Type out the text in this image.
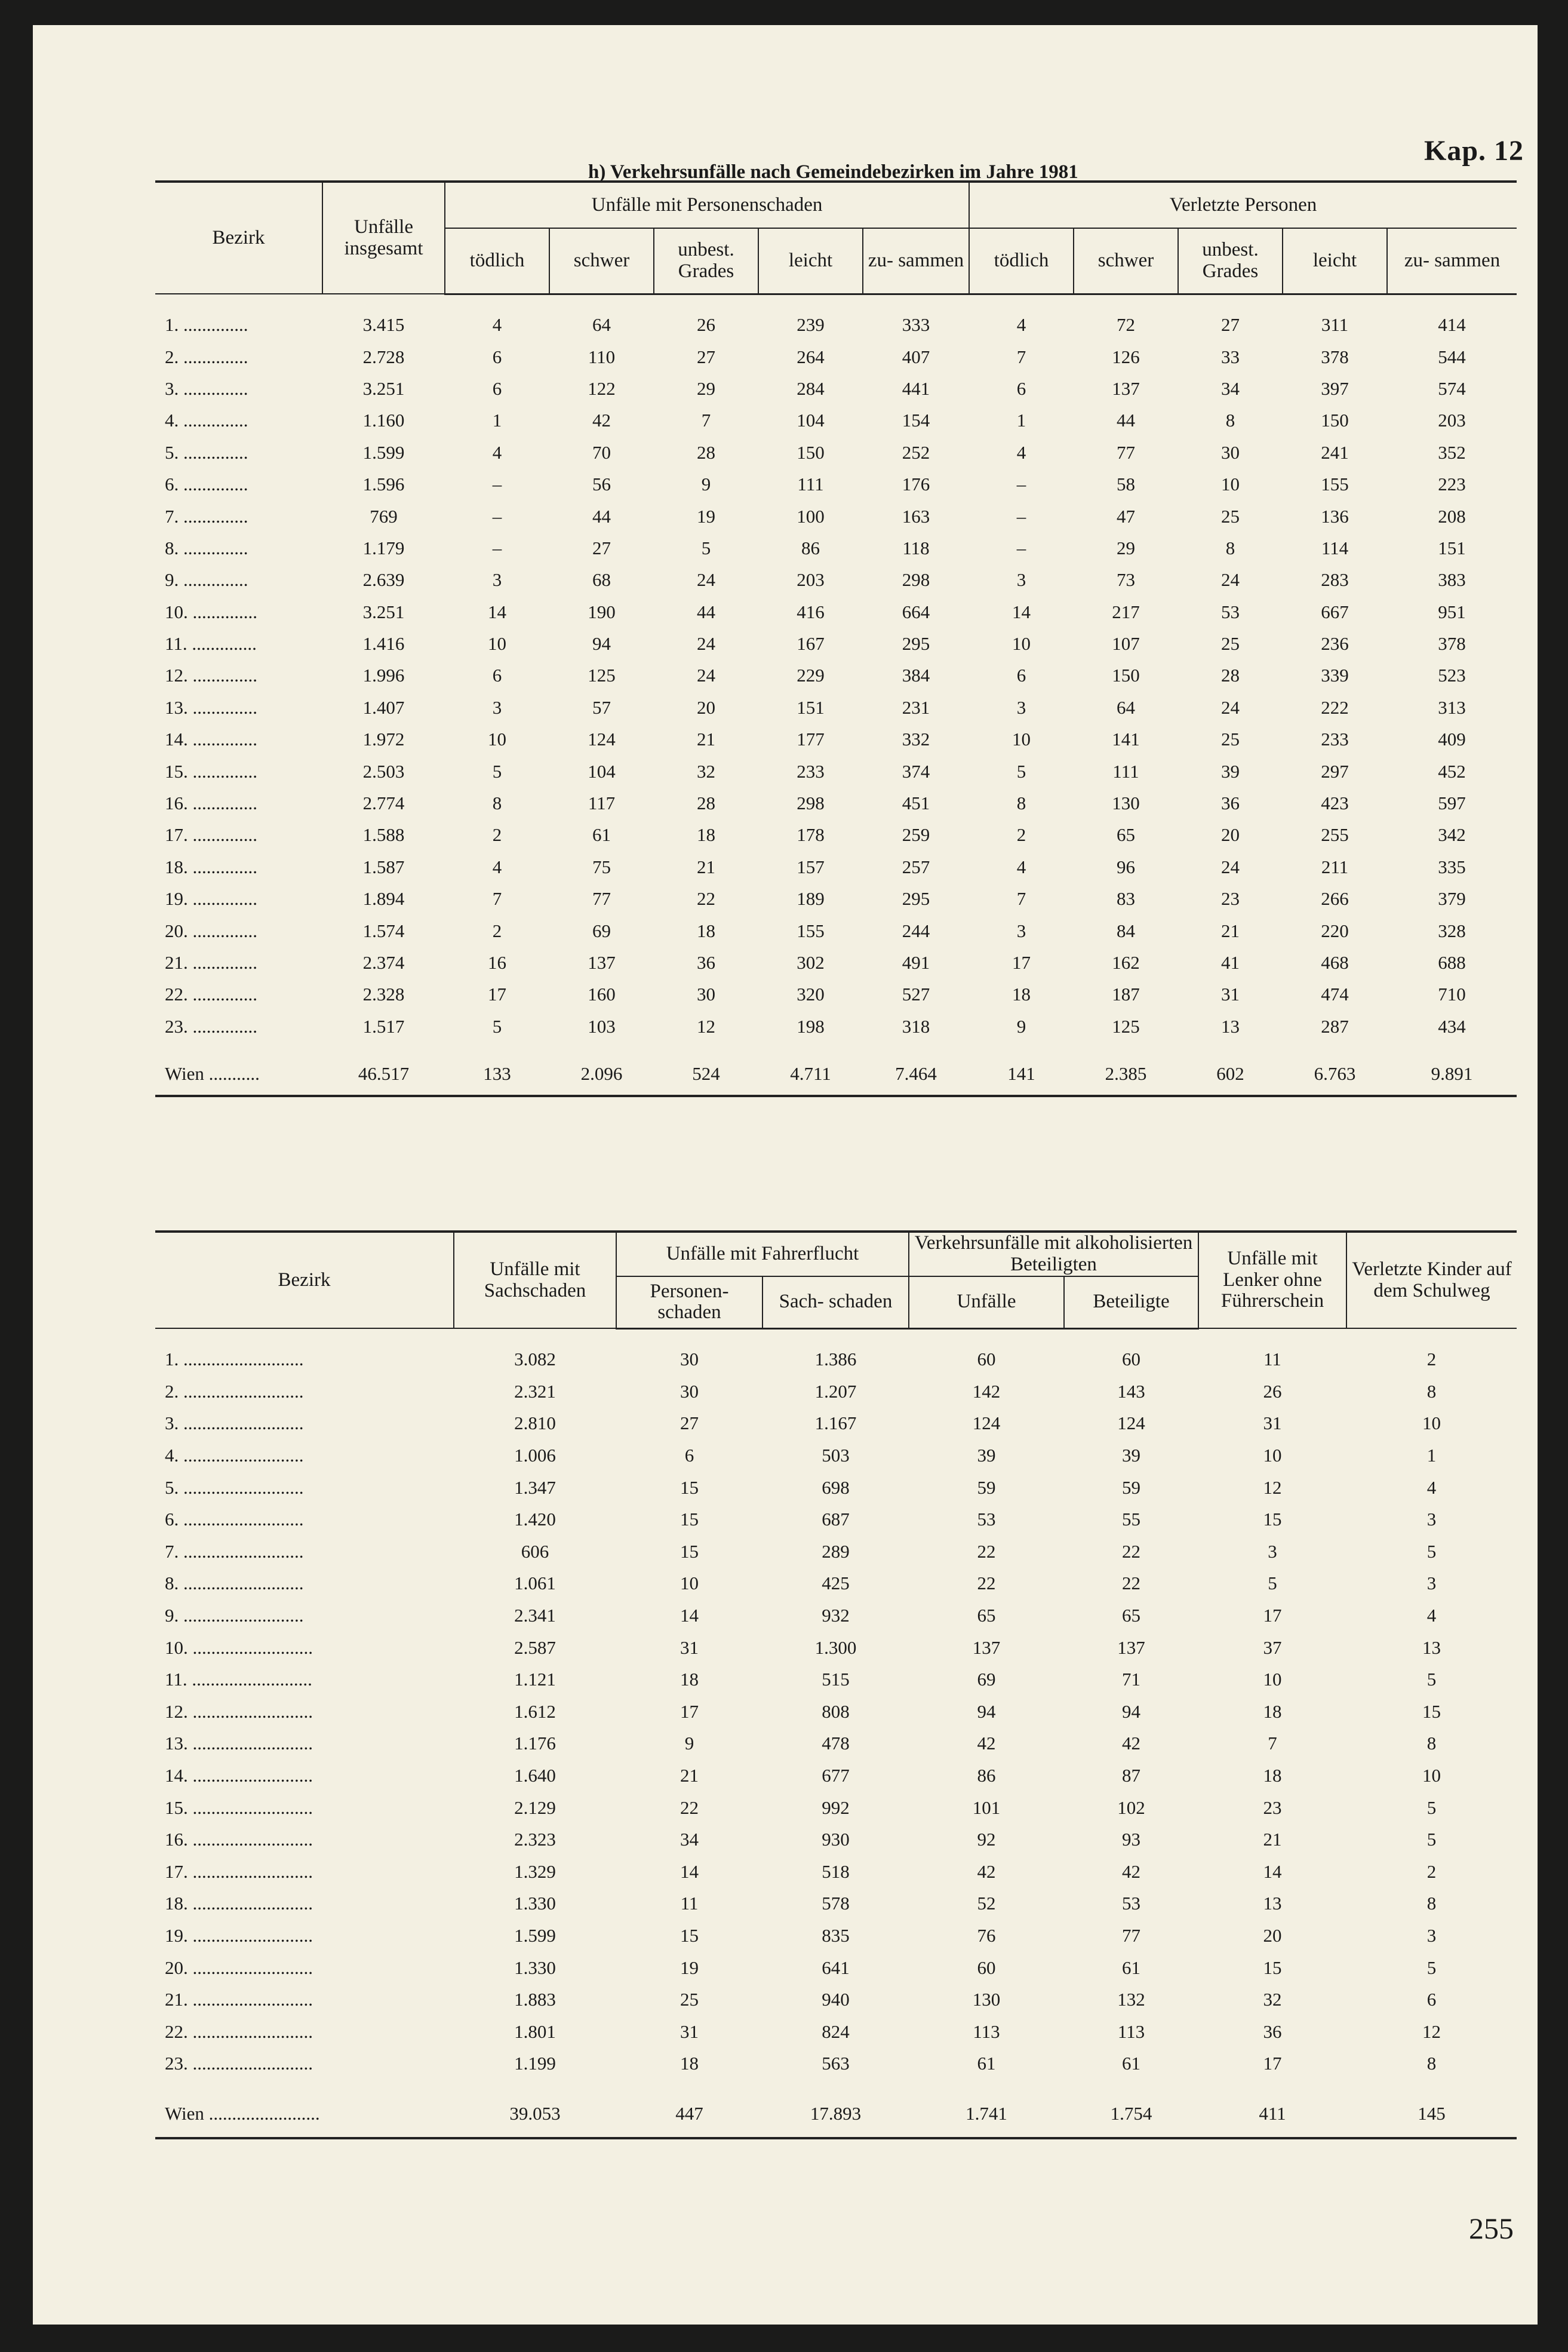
Kap. 12
h) Verkehrsunfälle nach Gemeindebezirken im Jahre 1981
Bezirk	Unfälle insgesamt	Unfälle mit Personenschaden					Verletzte Personen				
		tödlich	schwer	unbest. Grades	leicht	zu- sammen	tödlich	schwer	unbest. Grades	leicht	zu- sammen

1. ..............	3.415	4	64	26	239	333	4	72	27	311	414
2. ..............	2.728	6	110	27	264	407	7	126	33	378	544
3. ..............	3.251	6	122	29	284	441	6	137	34	397	574
4. ..............	1.160	1	42	7	104	154	1	44	8	150	203
5. ..............	1.599	4	70	28	150	252	4	77	30	241	352
6. ..............	1.596	–	56	9	111	176	–	58	10	155	223
7. ..............	769	–	44	19	100	163	–	47	25	136	208
8. ..............	1.179	–	27	5	86	118	–	29	8	114	151
9. ..............	2.639	3	68	24	203	298	3	73	24	283	383
10. ..............	3.251	14	190	44	416	664	14	217	53	667	951
11. ..............	1.416	10	94	24	167	295	10	107	25	236	378
12. ..............	1.996	6	125	24	229	384	6	150	28	339	523
13. ..............	1.407	3	57	20	151	231	3	64	24	222	313
14. ..............	1.972	10	124	21	177	332	10	141	25	233	409
15. ..............	2.503	5	104	32	233	374	5	111	39	297	452
16. ..............	2.774	8	117	28	298	451	8	130	36	423	597
17. ..............	1.588	2	61	18	178	259	2	65	20	255	342
18. ..............	1.587	4	75	21	157	257	4	96	24	211	335
19. ..............	1.894	7	77	22	189	295	7	83	23	266	379
20. ..............	1.574	2	69	18	155	244	3	84	21	220	328
21. ..............	2.374	16	137	36	302	491	17	162	41	468	688
22. ..............	2.328	17	160	30	320	527	18	187	31	474	710
23. ..............	1.517	5	103	12	198	318	9	125	13	287	434

Wien ...........	46.517	133	2.096	524	4.711	7.464	141	2.385	602	6.763	9.891
Bezirk	Unfälle mit Sachschaden	Unfälle mit Fahrerflucht		Verkehrsunfälle mit alkoholisierten Beteiligten		Unfälle mit Lenker ohne Führerschein	Verletzte Kinder auf dem Schulweg
		Personen- schaden	Sach- schaden	Unfälle	Beteiligte		

1. ..........................	3.082	30	1.386	60	60	11	2
2. ..........................	2.321	30	1.207	142	143	26	8
3. ..........................	2.810	27	1.167	124	124	31	10
4. ..........................	1.006	6	503	39	39	10	1
5. ..........................	1.347	15	698	59	59	12	4
6. ..........................	1.420	15	687	53	55	15	3
7. ..........................	606	15	289	22	22	3	5
8. ..........................	1.061	10	425	22	22	5	3
9. ..........................	2.341	14	932	65	65	17	4
10. ..........................	2.587	31	1.300	137	137	37	13
11. ..........................	1.121	18	515	69	71	10	5
12. ..........................	1.612	17	808	94	94	18	15
13. ..........................	1.176	9	478	42	42	7	8
14. ..........................	1.640	21	677	86	87	18	10
15. ..........................	2.129	22	992	101	102	23	5
16. ..........................	2.323	34	930	92	93	21	5
17. ..........................	1.329	14	518	42	42	14	2
18. ..........................	1.330	11	578	52	53	13	8
19. ..........................	1.599	15	835	76	77	20	3
20. ..........................	1.330	19	641	60	61	15	5
21. ..........................	1.883	25	940	130	132	32	6
22. ..........................	1.801	31	824	113	113	36	12
23. ..........................	1.199	18	563	61	61	17	8

Wien ........................	39.053	447	17.893	1.741	1.754	411	145
255
